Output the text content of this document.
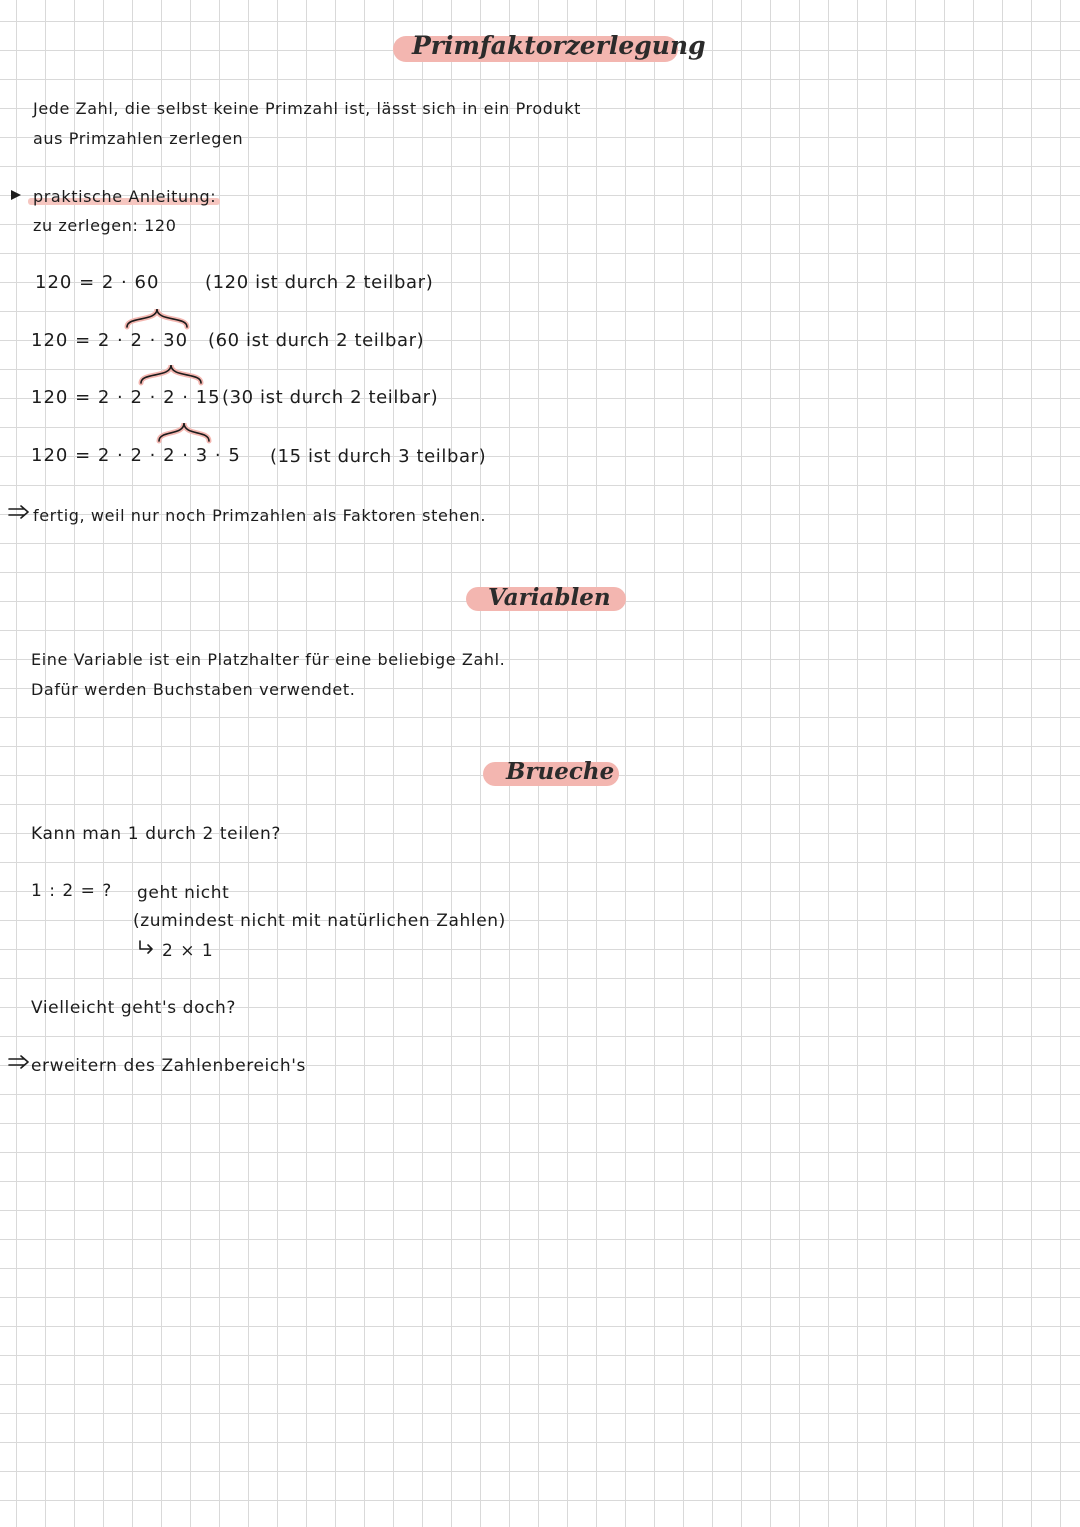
Primfaktorzerlegung
Jede Zahl, die selbst keine Primzahl ist, lässt sich in ein Produkt
aus Primzahlen zerlegen
praktische Anleitung:
zu zerlegen: 120
120 = 2 · 60	(120 ist durch 2 teilbar)
120 = 2 · 2 · 30 (60 ist durch 2 teilbar)
120 = 2 · 2 · 2 · 15 (30 ist durch 2 teilbar)
120 = 2 · 2 · 2 · 3 · 5 (15 ist durch 3 teilbar)
fertig, weil nur noch Primzahlen als Faktoren stehen.
Variablen
Eine Variable ist ein Platzhalter für eine beliebige Zahl.
Dafür werden Buchstaben verwendet.
Brueche
Kann man 1 durch 2 teilen?
1 : 2 = ? geht nicht
(zumindest nicht mit natürlichen Zahlen)
2 × 1
Vielleicht geht's doch?
erweitern des Zahlenbereich's
